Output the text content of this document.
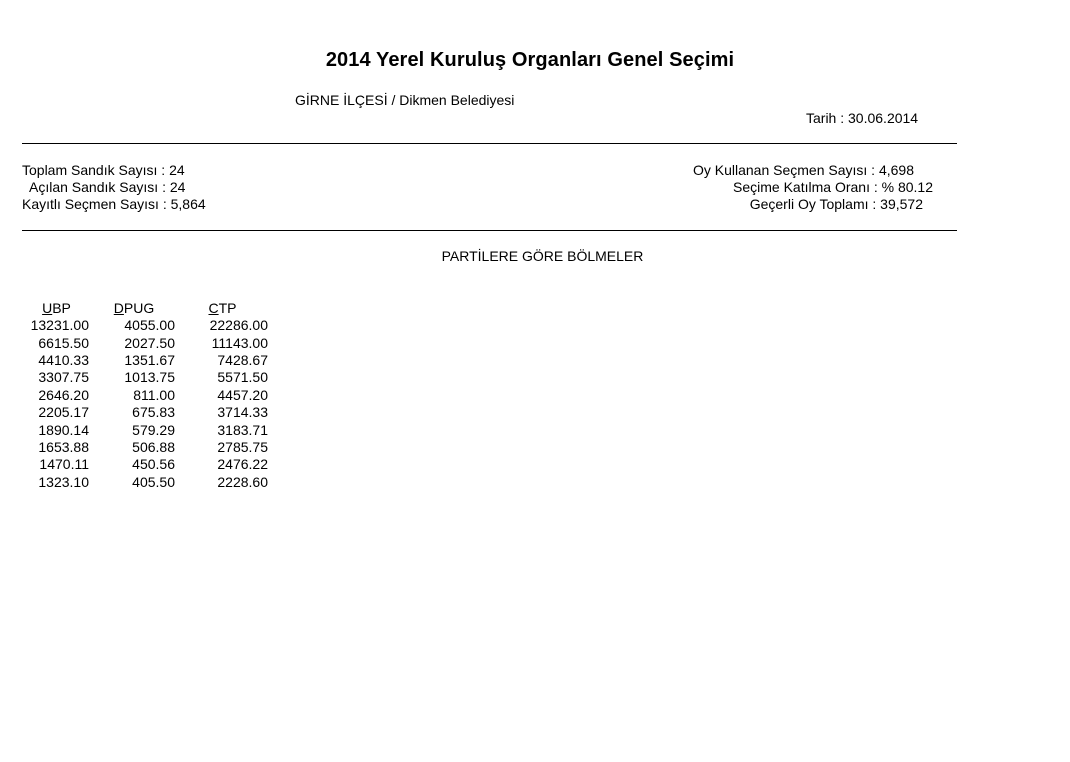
2014 Yerel Kuruluş Organları Genel Seçimi
GİRNE İLÇESİ / Dikmen Belediyesi
Tarih : 30.06.2014
Toplam Sandık Sayısı : 24
Açılan Sandık Sayısı : 24
Kayıtlı Seçmen Sayısı : 5,864
Oy Kullanan Seçmen Sayısı : 4,698
Seçime Katılma Oranı : % 80.12
Geçerli Oy Toplamı : 39,572
PARTİLERE GÖRE BÖLMELER
UBP	DPUG	CTP
13231.00	4055.00	22286.00
6615.50	2027.50	11143.00
4410.33	1351.67	7428.67
3307.75	1013.75	5571.50
2646.20	811.00	4457.20
2205.17	675.83	3714.33
1890.14	579.29	3183.71
1653.88	506.88	2785.75
1470.11	450.56	2476.22
1323.10	405.50	2228.60
